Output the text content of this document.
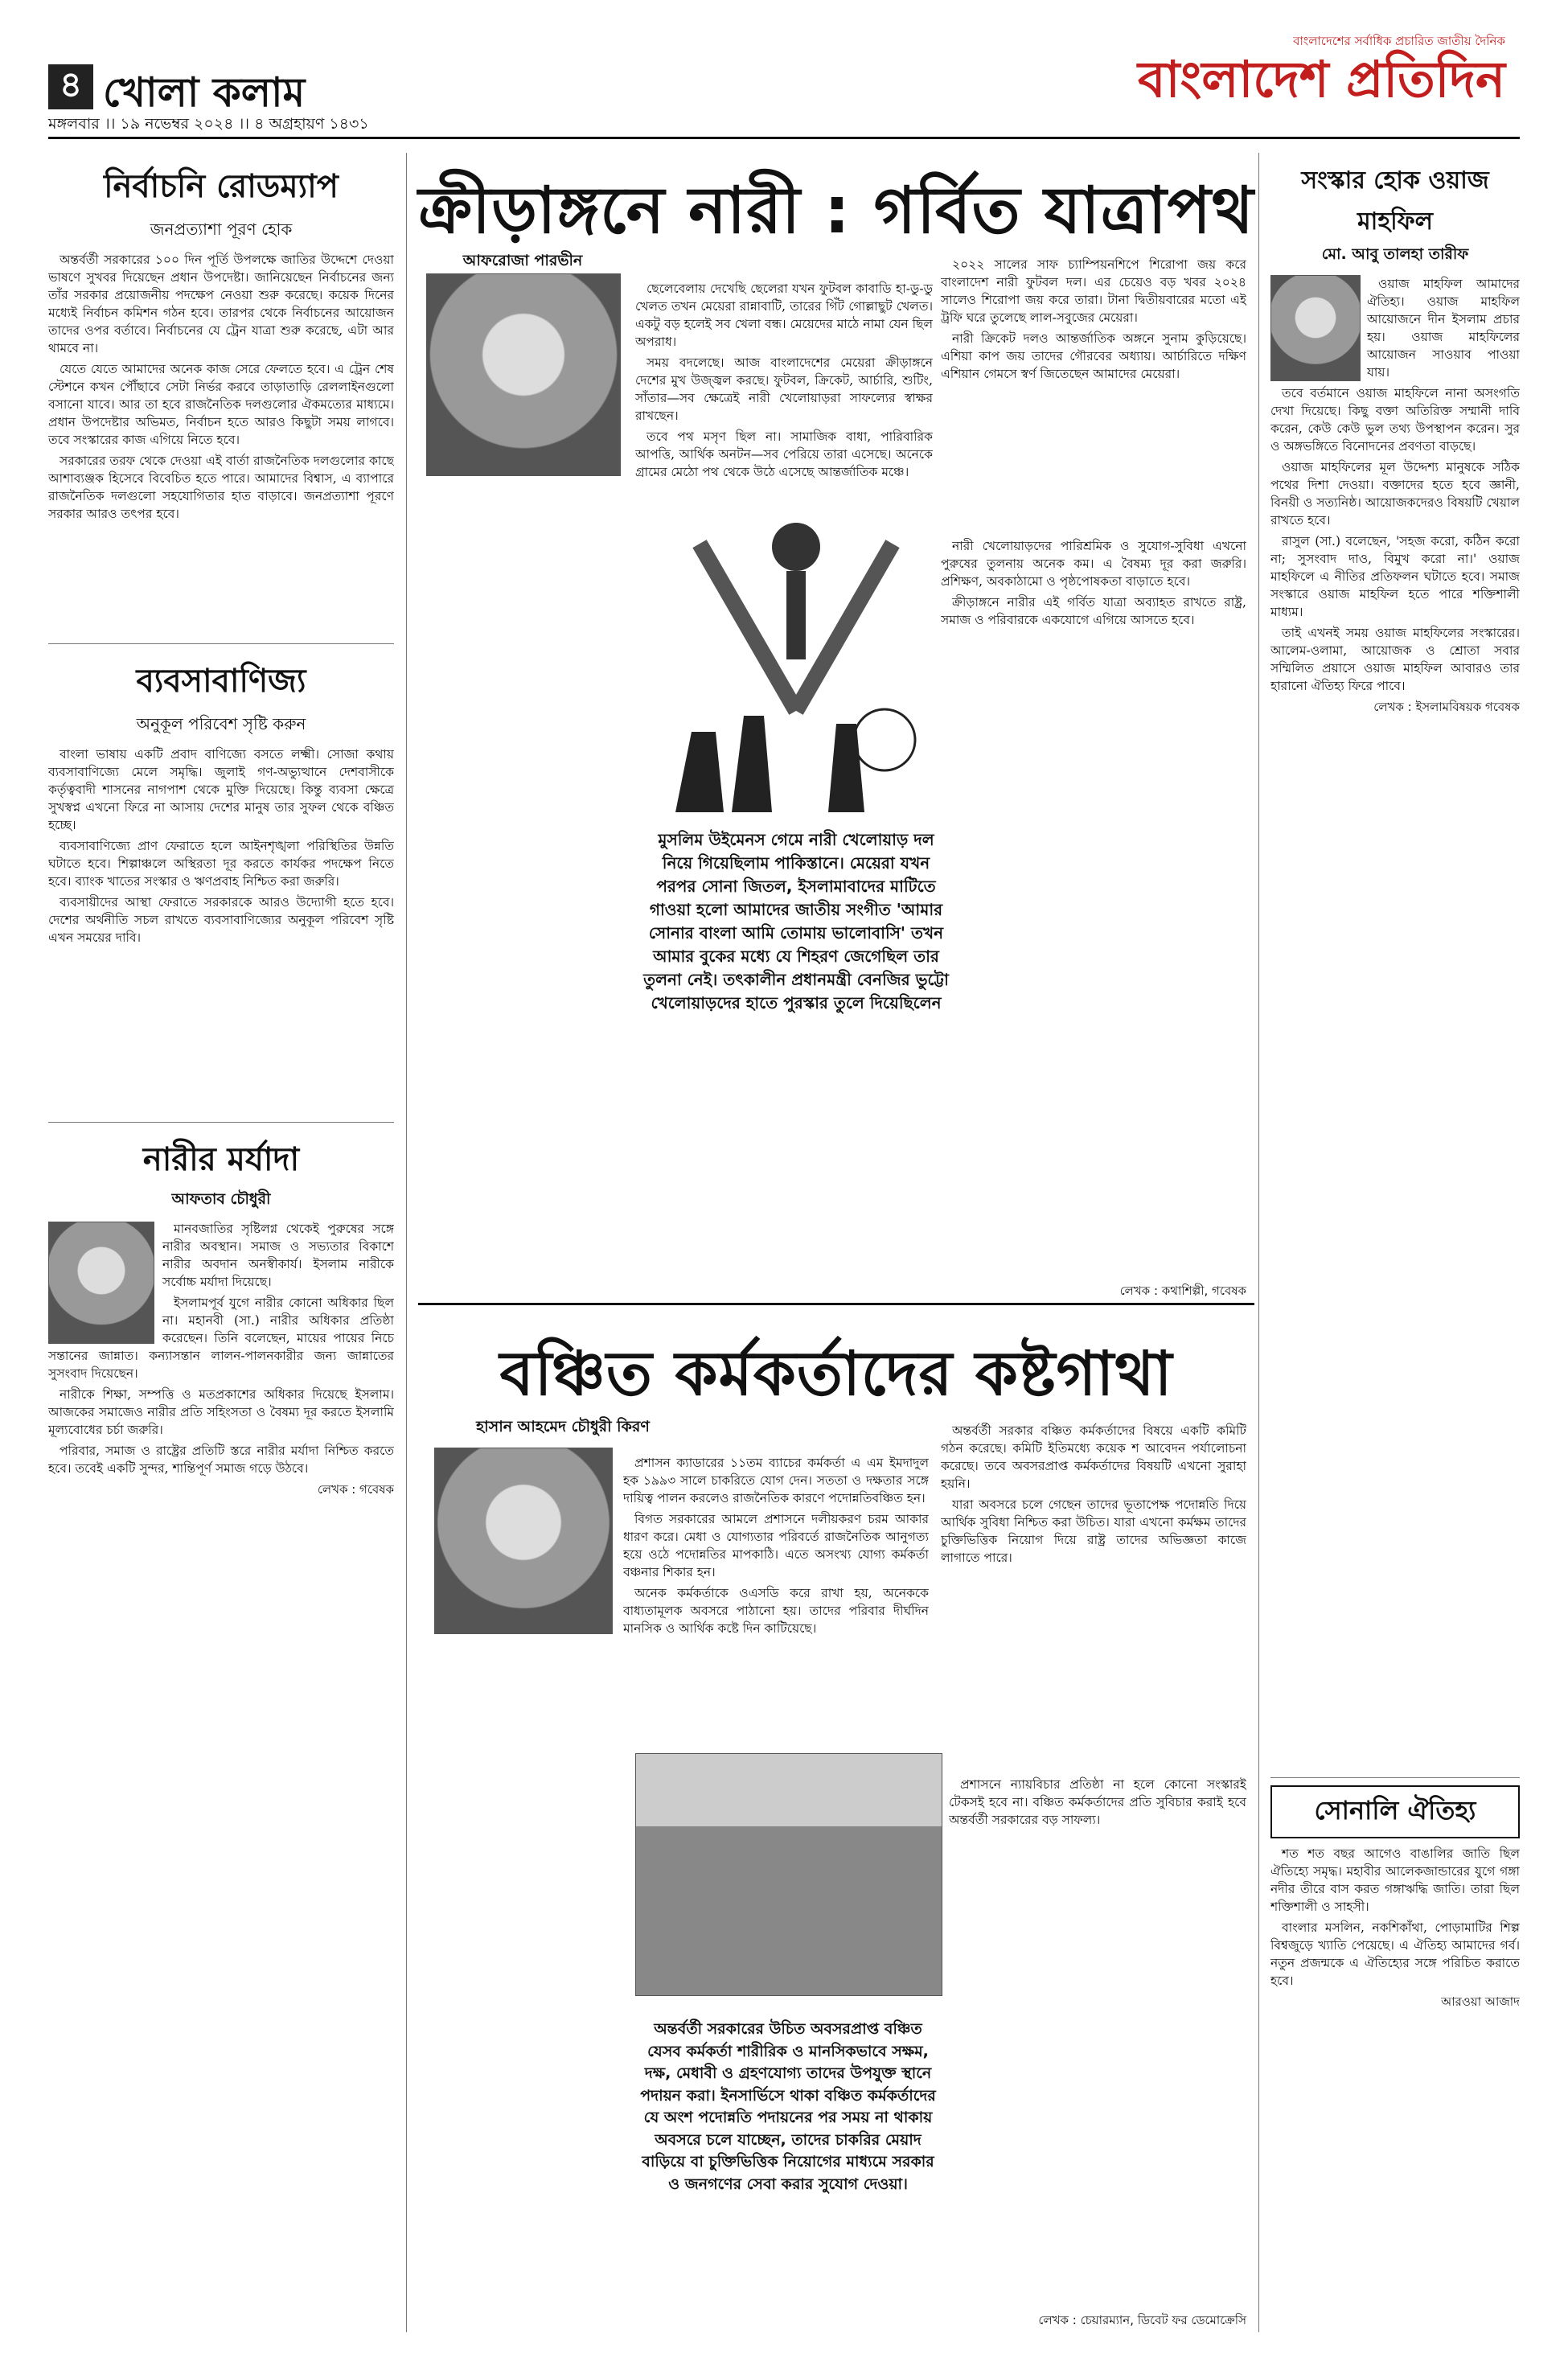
৪ খোলা কলাম
মঙ্গলবার ।। ১৯ নভেম্বর ২০২৪ ।। ৪ অগ্রহায়ণ ১৪৩১
বাংলাদেশের সর্বাধিক প্রচারিত জাতীয় দৈনিক
বাংলাদেশ প্রতিদিন
নির্বাচনি রোডম্যাপ
জনপ্রত্যাশা পূরণ হোক

অন্তর্বর্তী সরকারের ১০০ দিন পূর্তি উপলক্ষে জাতির উদ্দেশে দেওয়া ভাষণে সুখবর দিয়েছেন প্রধান উপদেষ্টা। জানিয়েছেন নির্বাচনের জন্য তাঁর সরকার প্রয়োজনীয় পদক্ষেপ নেওয়া শুরু করেছে। কয়েক দিনের মধ্যেই নির্বাচন কমিশন গঠন হবে। তারপর থেকে নির্বাচনের আয়োজন তাদের ওপর বর্তাবে। নির্বাচনের যে ট্রেন যাত্রা শুরু করেছে, এটা আর থামবে না।

যেতে যেতে আমাদের অনেক কাজ সেরে ফেলতে হবে। এ ট্রেন শেষ স্টেশনে কখন পৌঁছাবে সেটা নির্ভর করবে তাড়াতাড়ি রেললাইনগুলো বসানো যাবে। আর তা হবে রাজনৈতিক দলগুলোর ঐকমত্যের মাধ্যমে। প্রধান উপদেষ্টার অভিমত, নির্বাচন হতে আরও কিছুটা সময় লাগবে। তবে সংস্কারের কাজ এগিয়ে নিতে হবে।

সরকারের তরফ থেকে দেওয়া এই বার্তা রাজনৈতিক দলগুলোর কাছে আশাব্যঞ্জক হিসেবে বিবেচিত হতে পারে। আমাদের বিশ্বাস, এ ব্যাপারে রাজনৈতিক দলগুলো সহযোগিতার হাত বাড়াবে। জনপ্রত্যাশা পূরণে সরকার আরও তৎপর হবে।

ব্যবসাবাণিজ্য
অনুকূল পরিবেশ সৃষ্টি করুন

বাংলা ভাষায় একটি প্রবাদ বাণিজ্যে বসতে লক্ষ্মী। সোজা কথায় ব্যবসাবাণিজ্যে মেলে সমৃদ্ধি। জুলাই গণ-অভ্যুত্থানে দেশবাসীকে কর্তৃত্ববাদী শাসনের নাগপাশ থেকে মুক্তি দিয়েছে। কিন্তু ব্যবসা ক্ষেত্রে সুখস্বপ্ন এখনো ফিরে না আসায় দেশের মানুষ তার সুফল থেকে বঞ্চিত হচ্ছে।

ব্যবসাবাণিজ্যে প্রাণ ফেরাতে হলে আইনশৃঙ্খলা পরিস্থিতির উন্নতি ঘটাতে হবে। শিল্পাঞ্চলে অস্থিরতা দূর করতে কার্যকর পদক্ষেপ নিতে হবে। ব্যাংক খাতের সংস্কার ও ঋণপ্রবাহ নিশ্চিত করা জরুরি।

ব্যবসায়ীদের আস্থা ফেরাতে সরকারকে আরও উদ্যোগী হতে হবে। দেশের অর্থনীতি সচল রাখতে ব্যবসাবাণিজ্যের অনুকূল পরিবেশ সৃষ্টি এখন সময়ের দাবি।

নারীর মর্যাদা
আফতাব চৌধুরী

মানবজাতির সৃষ্টিলগ্ন থেকেই পুরুষের সঙ্গে নারীর অবস্থান। সমাজ ও সভ্যতার বিকাশে নারীর অবদান অনস্বীকার্য। ইসলাম নারীকে সর্বোচ্চ মর্যাদা দিয়েছে।

ইসলামপূর্ব যুগে নারীর কোনো অধিকার ছিল না। মহানবী (সা.) নারীর অধিকার প্রতিষ্ঠা করেছেন। তিনি বলেছেন, মায়ের পায়ের নিচে সন্তানের জান্নাত। কন্যাসন্তান লালন-পালনকারীর জন্য জান্নাতের সুসংবাদ দিয়েছেন।

নারীকে শিক্ষা, সম্পত্তি ও মতপ্রকাশের অধিকার দিয়েছে ইসলাম। আজকের সমাজেও নারীর প্রতি সহিংসতা ও বৈষম্য দূর করতে ইসলামি মূল্যবোধের চর্চা জরুরি।

পরিবার, সমাজ ও রাষ্ট্রের প্রতিটি স্তরে নারীর মর্যাদা নিশ্চিত করতে হবে। তবেই একটি সুন্দর, শান্তিপূর্ণ সমাজ গড়ে উঠবে।

লেখক : গবেষক
ক্রীড়াঙ্গনে নারী : গর্বিত যাত্রাপথ
আফরোজা পারভীন

ছেলেবেলায় দেখেছি ছেলেরা যখন ফুটবল কাবাডি হা-ডু-ডু খেলত তখন মেয়েরা রান্নাবাটি, তারের গিঁট গোল্লাছুট খেলত। একটু বড় হলেই সব খেলা বন্ধ। মেয়েদের মাঠে নামা যেন ছিল অপরাধ।

সময় বদলেছে। আজ বাংলাদেশের মেয়েরা ক্রীড়াঙ্গনে দেশের মুখ উজ্জ্বল করছে। ফুটবল, ক্রিকেট, আর্চারি, শুটিং, সাঁতার—সব ক্ষেত্রেই নারী খেলোয়াড়রা সাফল্যের স্বাক্ষর রাখছেন।

তবে পথ মসৃণ ছিল না। সামাজিক বাধা, পারিবারিক আপত্তি, আর্থিক অনটন—সব পেরিয়ে তারা এসেছে। অনেকে গ্রামের মেঠো পথ থেকে উঠে এসেছে আন্তর্জাতিক মঞ্চে।

২০২২ সালের সাফ চ্যাম্পিয়নশিপে শিরোপা জয় করে বাংলাদেশ নারী ফুটবল দল। এর চেয়েও বড় খবর ২০২৪ সালেও শিরোপা জয় করে তারা। টানা দ্বিতীয়বারের মতো এই ট্রফি ঘরে তুলেছে লাল-সবুজের মেয়েরা।

নারী ক্রিকেট দলও আন্তর্জাতিক অঙ্গনে সুনাম কুড়িয়েছে। এশিয়া কাপ জয় তাদের গৌরবের অধ্যায়। আর্চারিতে দক্ষিণ এশিয়ান গেমসে স্বর্ণ জিতেছেন আমাদের মেয়েরা।

মুসলিম উইমেনস গেমে নারী খেলোয়াড় দল নিয়ে গিয়েছিলাম পাকিস্তানে। মেয়েরা যখন পরপর সোনা জিতল, ইসলামাবাদের মাটিতে গাওয়া হলো আমাদের জাতীয় সংগীত 'আমার সোনার বাংলা আমি তোমায় ভালোবাসি' তখন আমার বুকের মধ্যে যে শিহরণ জেগেছিল তার তুলনা নেই। তৎকালীন প্রধানমন্ত্রী বেনজির ভুট্টো খেলোয়াড়দের হাতে পুরস্কার তুলে দিয়েছিলেন

নারী খেলোয়াড়দের পারিশ্রমিক ও সুযোগ-সুবিধা এখনো পুরুষের তুলনায় অনেক কম। এ বৈষম্য দূর করা জরুরি। প্রশিক্ষণ, অবকাঠামো ও পৃষ্ঠপোষকতা বাড়াতে হবে।

ক্রীড়াঙ্গনে নারীর এই গর্বিত যাত্রা অব্যাহত রাখতে রাষ্ট্র, সমাজ ও পরিবারকে একযোগে এগিয়ে আসতে হবে।

লেখক : কথাশিল্পী, গবেষক
বঞ্চিত কর্মকর্তাদের কষ্টগাথা
হাসান আহমেদ চৌধুরী কিরণ

প্রশাসন ক্যাডারের ১১তম ব্যাচের কর্মকর্তা এ এম ইমদাদুল হক ১৯৯৩ সালে চাকরিতে যোগ দেন। সততা ও দক্ষতার সঙ্গে দায়িত্ব পালন করলেও রাজনৈতিক কারণে পদোন্নতিবঞ্চিত হন।

বিগত সরকারের আমলে প্রশাসনে দলীয়করণ চরম আকার ধারণ করে। মেধা ও যোগ্যতার পরিবর্তে রাজনৈতিক আনুগত্য হয়ে ওঠে পদোন্নতির মাপকাঠি। এতে অসংখ্য যোগ্য কর্মকর্তা বঞ্চনার শিকার হন।

অনেক কর্মকর্তাকে ওএসডি করে রাখা হয়, অনেককে বাধ্যতামূলক অবসরে পাঠানো হয়। তাদের পরিবার দীর্ঘদিন মানসিক ও আর্থিক কষ্টে দিন কাটিয়েছে।

অন্তর্বর্তী সরকার বঞ্চিত কর্মকর্তাদের বিষয়ে একটি কমিটি গঠন করেছে। কমিটি ইতিমধ্যে কয়েক শ আবেদন পর্যালোচনা করেছে। তবে অবসরপ্রাপ্ত কর্মকর্তাদের বিষয়টি এখনো সুরাহা হয়নি।

যারা অবসরে চলে গেছেন তাদের ভূতাপেক্ষ পদোন্নতি দিয়ে আর্থিক সুবিধা নিশ্চিত করা উচিত। যারা এখনো কর্মক্ষম তাদের চুক্তিভিত্তিক নিয়োগ দিয়ে রাষ্ট্র তাদের অভিজ্ঞতা কাজে লাগাতে পারে।

অন্তর্বর্তী সরকারের উচিত অবসরপ্রাপ্ত বঞ্চিত যেসব কর্মকর্তা শারীরিক ও মানসিকভাবে সক্ষম, দক্ষ, মেধাবী ও গ্রহণযোগ্য তাদের উপযুক্ত স্থানে পদায়ন করা। ইনসার্ভিসে থাকা বঞ্চিত কর্মকর্তাদের যে অংশ পদোন্নতি পদায়নের পর সময় না থাকায় অবসরে চলে যাচ্ছেন, তাদের চাকরির মেয়াদ বাড়িয়ে বা চুক্তিভিত্তিক নিয়োগের মাধ্যমে সরকার ও জনগণের সেবা করার সুযোগ দেওয়া।

প্রশাসনে ন্যায়বিচার প্রতিষ্ঠা না হলে কোনো সংস্কারই টেকসই হবে না। বঞ্চিত কর্মকর্তাদের প্রতি সুবিচার করাই হবে অন্তর্বর্তী সরকারের বড় সাফল্য।

লেখক : চেয়ারম্যান, ডিবেট ফর ডেমোক্রেসি
সংস্কার হোক ওয়াজ মাহফিল
মো. আবু তালহা তারীফ

ওয়াজ মাহফিল আমাদের ঐতিহ্য। ওয়াজ মাহফিল আয়োজনে দীন ইসলাম প্রচার হয়। ওয়াজ মাহফিলের আয়োজন সাওয়াব পাওয়া যায়।

তবে বর্তমানে ওয়াজ মাহফিলে নানা অসংগতি দেখা দিয়েছে। কিছু বক্তা অতিরিক্ত সম্মানী দাবি করেন, কেউ কেউ ভুল তথ্য উপস্থাপন করেন। সুর ও অঙ্গভঙ্গিতে বিনোদনের প্রবণতা বাড়ছে।

ওয়াজ মাহফিলের মূল উদ্দেশ্য মানুষকে সঠিক পথের দিশা দেওয়া। বক্তাদের হতে হবে জ্ঞানী, বিনয়ী ও সত্যনিষ্ঠ। আয়োজকদেরও বিষয়টি খেয়াল রাখতে হবে।

রাসুল (সা.) বলেছেন, 'সহজ করো, কঠিন করো না; সুসংবাদ দাও, বিমুখ করো না।' ওয়াজ মাহফিলে এ নীতির প্রতিফলন ঘটাতে হবে। সমাজ সংস্কারে ওয়াজ মাহফিল হতে পারে শক্তিশালী মাধ্যম।

তাই এখনই সময় ওয়াজ মাহফিলের সংস্কারের। আলেম-ওলামা, আয়োজক ও শ্রোতা সবার সম্মিলিত প্রয়াসে ওয়াজ মাহফিল আবারও তার হারানো ঐতিহ্য ফিরে পাবে।

লেখক : ইসলামবিষয়ক গবেষক
সোনালি ঐতিহ্য

শত শত বছর আগেও বাঙালির জাতি ছিল ঐতিহ্যে সমৃদ্ধ। মহাবীর আলেকজান্ডারের যুগে গঙ্গা নদীর তীরে বাস করত গঙ্গাঋদ্ধি জাতি। তারা ছিল শক্তিশালী ও সাহসী।

বাংলার মসলিন, নকশিকাঁথা, পোড়ামাটির শিল্প বিশ্বজুড়ে খ্যাতি পেয়েছে। এ ঐতিহ্য আমাদের গর্ব। নতুন প্রজন্মকে এ ঐতিহ্যের সঙ্গে পরিচিত করাতে হবে।

আরওয়া আজাদ
